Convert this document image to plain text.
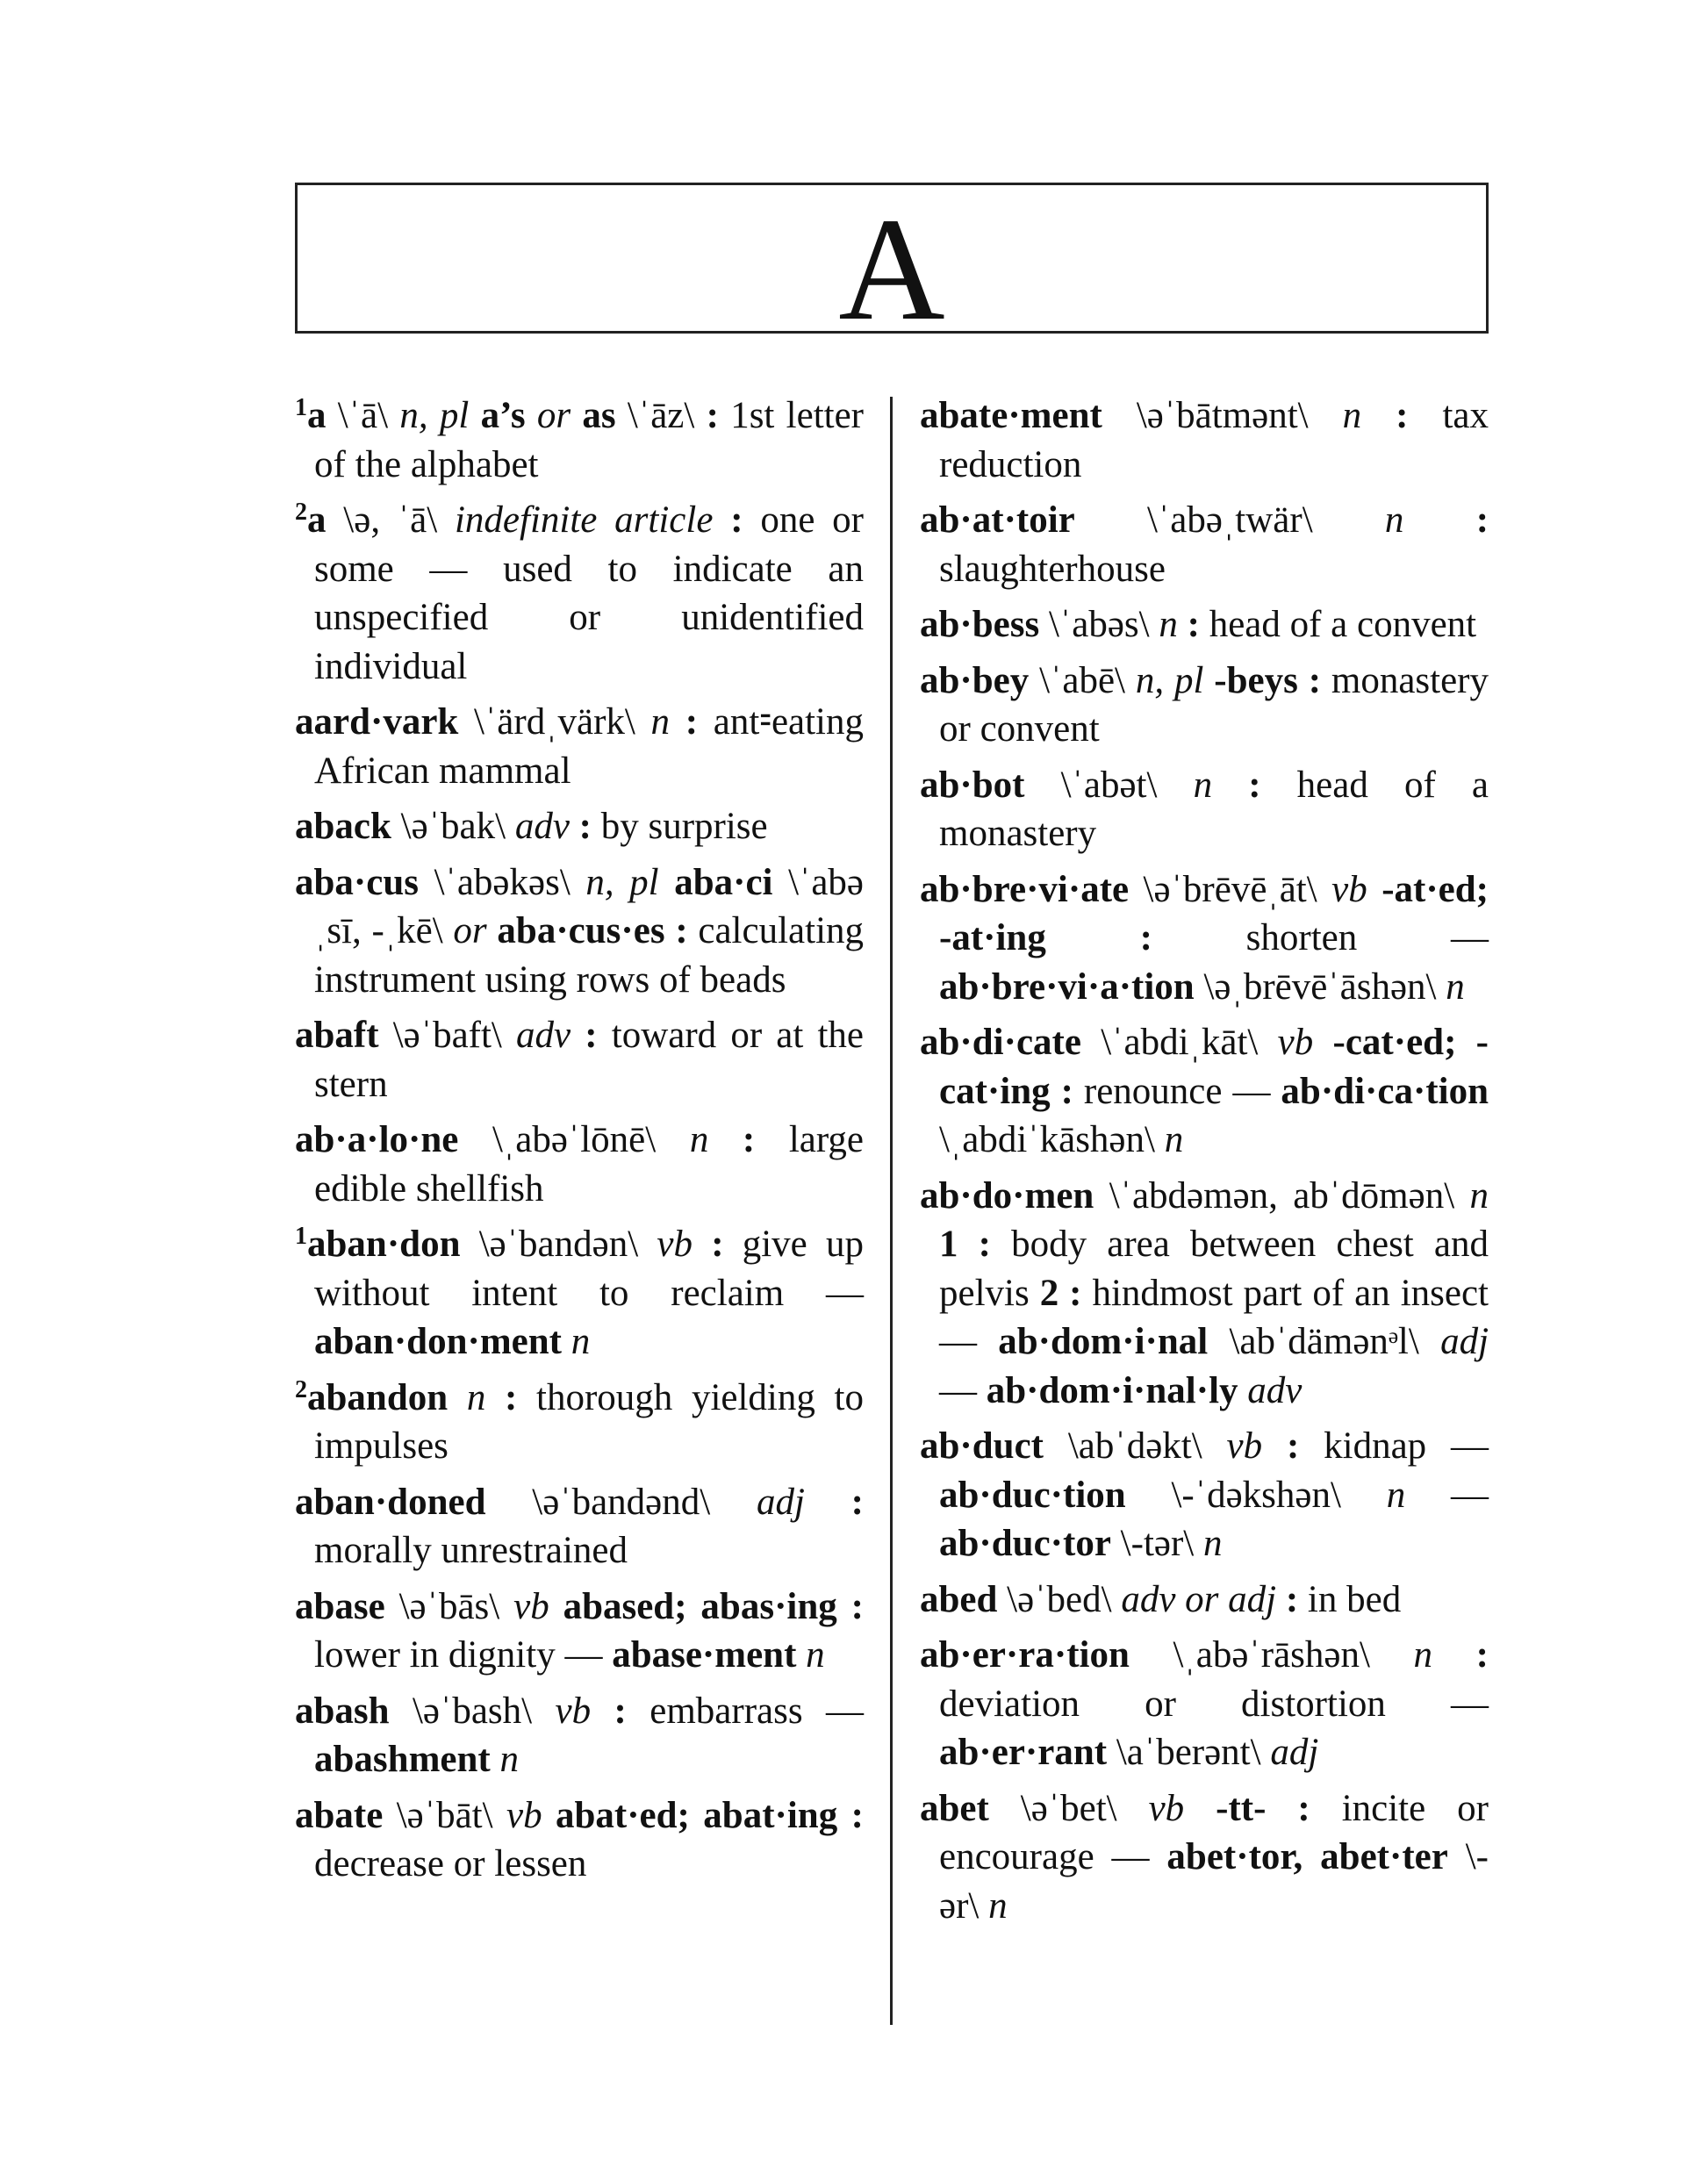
A

$^1$a \ˈā\ n, pl a’s or as \ˈāz\ : 1st letter of the alphabet

$^2$a \ə, ˈā\ indefinite article : one or some — used to indicate an unspecified or unidentified individual

aard·vark \ˈärdˌvärk\ n : ant⹀eating African mammal

aback \əˈbak\ adv : by surprise

aba·cus \ˈabəkəs\ n, pl aba·ci \ˈabəˌsī, -ˌkē\ or aba·cus·es : calculating instrument using rows of beads

abaft \əˈbaft\ adv : toward or at the stern

ab·a·lo·ne \ˌabəˈlōnē\ n : large edible shellfish

$^1$aban·don \əˈbandən\ vb : give up without intent to reclaim — aban·don·ment n

$^2$abandon n : thorough yielding to impulses

aban·doned \əˈbandənd\ adj : morally unrestrained

abase \əˈbās\ vb abased; abas·ing : lower in dignity — abase·ment n

abash \əˈbash\ vb : embarrass — abashment n

abate \əˈbāt\ vb abat·ed; abat·ing : decrease or lessen

abate·ment \əˈbātmənt\ n : tax reduction

ab·at·toir \ˈabəˌtwär\ n : slaughterhouse

ab·bess \ˈabəs\ n : head of a convent

ab·bey \ˈabē\ n, pl -beys : monastery or convent

ab·bot \ˈabət\ n : head of a monastery

ab·bre·vi·ate \əˈbrēvēˌāt\ vb -at·ed; -at·ing : shorten — ab·bre·vi·a·tion \əˌbrēvēˈāshən\ n

ab·di·cate \ˈabdiˌkāt\ vb -cat·ed; -cat·ing : renounce — ab·di·ca·tion \ˌabdiˈkāshən\ n

ab·do·men \ˈabdəmən, abˈdōmən\ n 1 : body area between chest and pelvis 2 : hindmost part of an insect — ab·dom·i·nal \abˈdämənᵊl\ adj — ab·dom·i·nal·ly adv

ab·duct \abˈdəkt\ vb : kidnap — ab·duc·tion \-ˈdəkshən\ n — ab·duc·tor \-tər\ n

abed \əˈbed\ adv or adj : in bed

ab·er·ra·tion \ˌabəˈrāshən\ n : deviation or distortion — ab·er·rant \aˈberənt\ adj

abet \əˈbet\ vb -tt- : incite or encourage — abet·tor, abet·ter \-ər\ n
